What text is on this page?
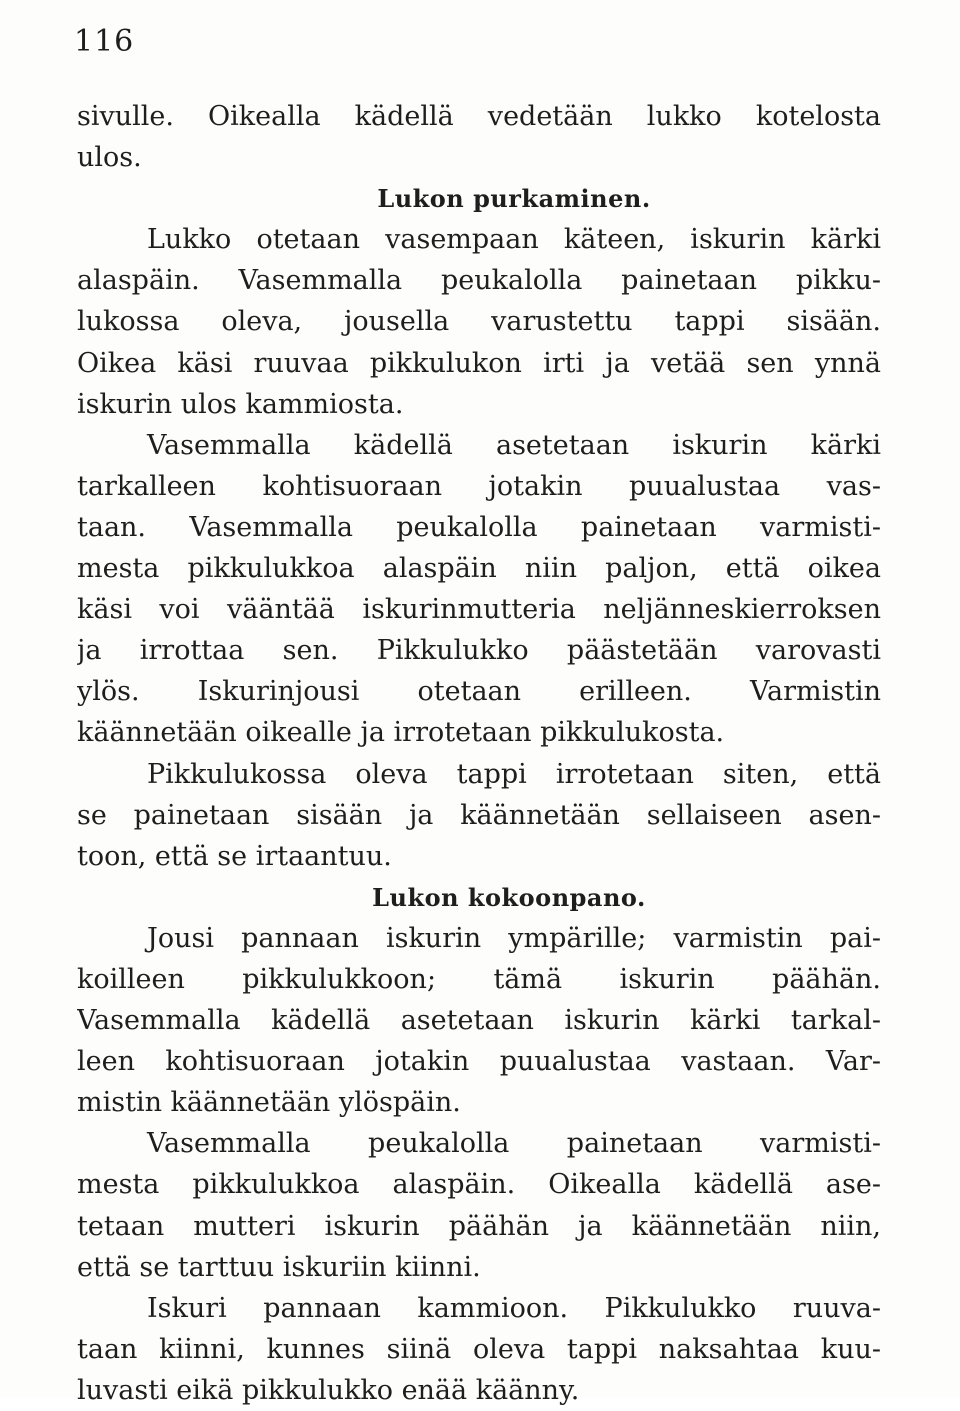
116
sivulle. Oikealla kädellä vedetään lukko kotelosta
ulos.
Lukon purkaminen.
Lukko otetaan vasempaan käteen, iskurin kärki
alaspäin. Vasemmalla peukalolla painetaan pikku-
lukossa oleva, jousella varustettu tappi sisään.
Oikea käsi ruuvaa pikkulukon irti ja vetää sen ynnä
iskurin ulos kammiosta.
Vasemmalla kädellä asetetaan iskurin kärki
tarkalleen kohtisuoraan jotakin puualustaa vas-
taan. Vasemmalla peukalolla painetaan varmisti-
mesta pikkulukkoa alaspäin niin paljon, että oikea
käsi voi vääntää iskurinmutteria neljänneskierroksen
ja irrottaa sen. Pikkulukko päästetään varovasti
ylös. Iskurinjousi otetaan erilleen. Varmistin
käännetään oikealle ja irrotetaan pikkulukosta.
Pikkulukossa oleva tappi irrotetaan siten, että
se painetaan sisään ja käännetään sellaiseen asen-
toon, että se irtaantuu.
Lukon kokoonpano.
Jousi pannaan iskurin ympärille; varmistin pai-
koilleen pikkulukkoon; tämä iskurin päähän.
Vasemmalla kädellä asetetaan iskurin kärki tarkal-
leen kohtisuoraan jotakin puualustaa vastaan. Var-
mistin käännetään ylöspäin.
Vasemmalla peukalolla painetaan varmisti-
mesta pikkulukkoa alaspäin. Oikealla kädellä ase-
tetaan mutteri iskurin päähän ja käännetään niin,
että se tarttuu iskuriin kiinni.
Iskuri pannaan kammioon. Pikkulukko ruuva-
taan kiinni, kunnes siinä oleva tappi naksahtaa kuu-
luvasti eikä pikkulukko enää käänny.
